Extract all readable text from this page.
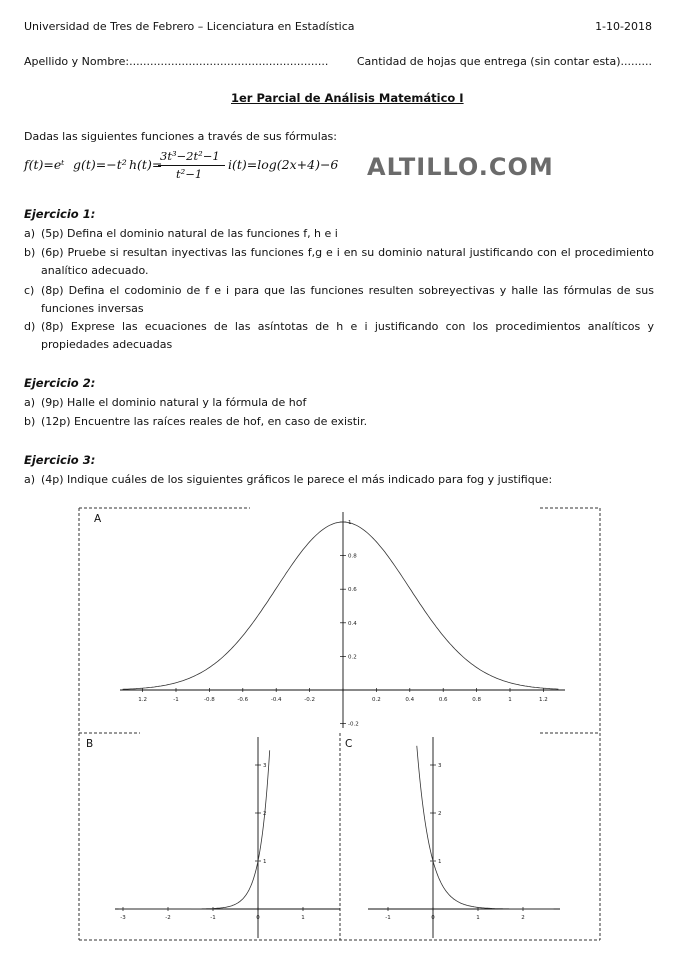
Universidad de Tres de Febrero – Licenciatura en Estadística	1-10-2018
Apellido y Nombre:.........................................................	Cantidad de hojas que entrega (sin contar esta).........
1er Parcial de Análisis Matemático I
Dadas las siguientes funciones a través de sus fórmulas:
f(t)=eᵗ g(t)=−t² h(t)=
3t³−2t²−1
t²−1
i(t)=log(2x+4)−6 ALTILLO.COM
Ejercicio 1:
a) (5p) Defina el dominio natural de las funciones f, h e i
b) (6p) Pruebe si resultan inyectivas las funciones f,g e i en su dominio natural justificando con el procedimiento analítico adecuado.
c) (8p) Defina el codominio de f e i para que las funciones resulten sobreyectivas y halle las fórmulas de sus funciones inversas
d) (8p) Exprese las ecuaciones de las asíntotas de h e i justificando con los procedimientos analíticos y propiedades adecuadas
Ejercicio 2:
a) (9p) Halle el dominio natural y la fórmula de hof
b) (12p) Encuentre las raíces reales de hof, en caso de existir.
Ejercicio 3:
a) (4p) Indique cuáles de los siguientes gráficos le parece el más indicado para fog y justifique:
A
1.2	-1	-0.8	-0.6	-0.4	-0.2	0.2	0.4	0.6	0.8	1	1.2
1
0.8
0.6
0.4
0.2
-0.2
B
-3	-2	-1	0	1
1
2
3
C
-1	0	1	2
1
2
3
